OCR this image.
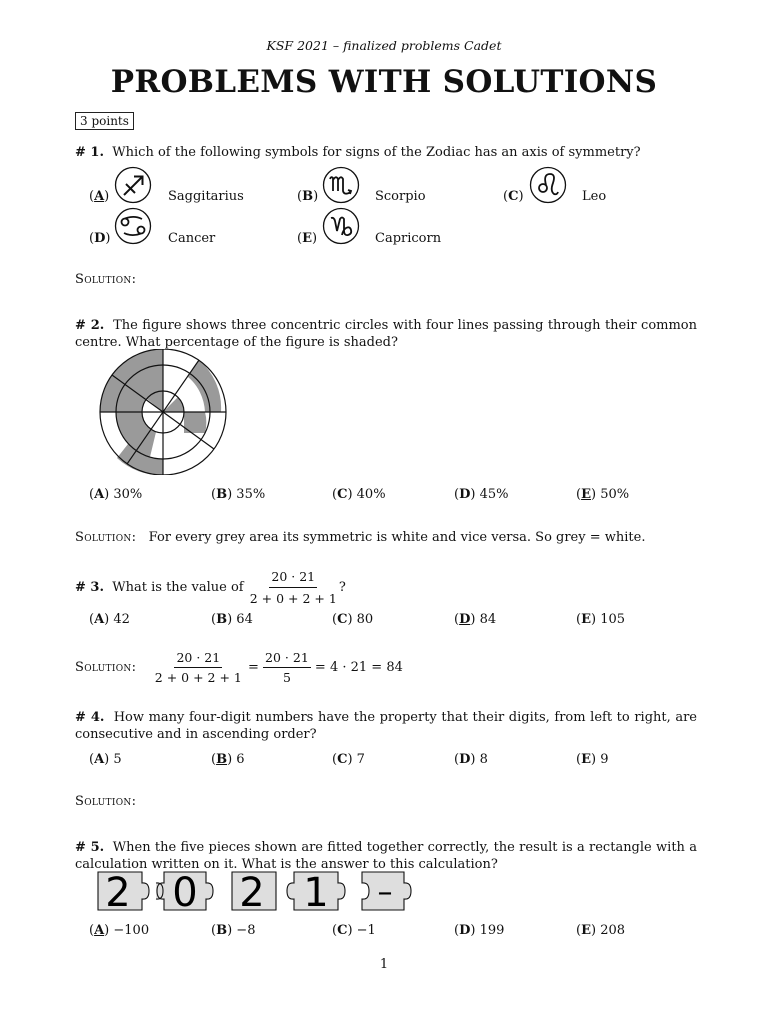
KSF 2021 – finalized problems Cadet
PROBLEMS WITH SOLUTIONS
3 points
# 1. Which of the following symbols for signs of the Zodiac has an axis of symmetry?
(A)	Saggitarius	(B)	Scorpio	(C)	Leo
(D)	Cancer	(E)	Capricorn
Solution:
# 2. The figure shows three concentric circles with four lines passing through their common centre. What percentage of the figure is shaded?
(A) 30%	(B) 35%	(C) 40%	(D) 45%	(E) 50%
Solution: For every grey area its symmetric is white and vice versa. So grey = white.
# 3. What is the value of $\frac{20 \cdot 21}{2 + 0 + 2 + 1}$ ?
(A) 42	(B) 64	(C) 80	(D) 84	(E) 105
Solution: $\frac{20 \cdot 21}{2 + 0 + 2 + 1} = \frac{20 \cdot 21}{5} = 4 \cdot 21 = 84$
# 4. How many four-digit numbers have the property that their digits, from left to right, are consecutive and in ascending order?
(A) 5	(B) 6	(C) 7	(D) 8	(E) 9
Solution:
# 5. When the five pieces shown are fitted together correctly, the result is a rectangle with a calculation written on it. What is the answer to this calculation?
2 0 2 1 –
(A) −100	(B) −8	(C) −1	(D) 199	(E) 208
1
